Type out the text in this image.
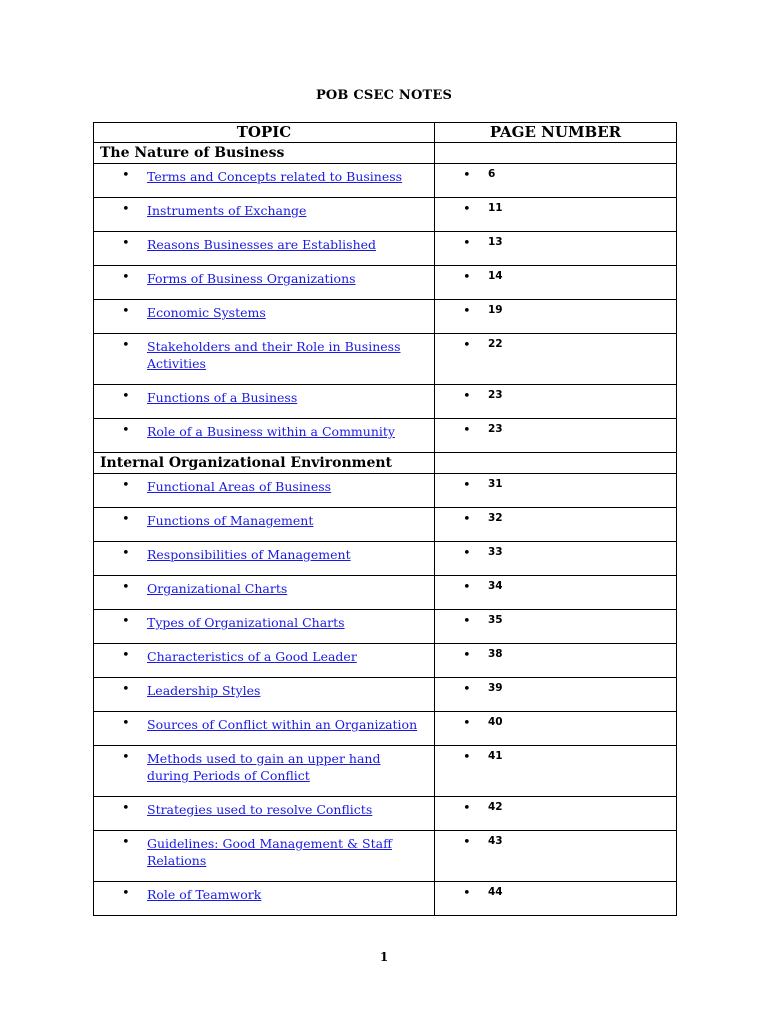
POB CSEC NOTES
TOPIC	PAGE NUMBER

The Nature of Business	

• Terms and Concepts related to Business	• 6

• Instruments of Exchange	• 11

• Reasons Businesses are Established	• 13

• Forms of Business Organizations	• 14

• Economic Systems	• 19

• Stakeholders and their Role in Business Activities	• 22

• Functions of a Business	• 23

• Role of a Business within a Community	• 23

Internal Organizational Environment	

• Functional Areas of Business	• 31

• Functions of Management	• 32

• Responsibilities of Management	• 33

• Organizational Charts	• 34

• Types of Organizational Charts	• 35

• Characteristics of a Good Leader	• 38

• Leadership Styles	• 39

• Sources of Conflict within an Organization	• 40

• Methods used to gain an upper hand during Periods of Conflict	• 41

• Strategies used to resolve Conflicts	• 42

• Guidelines: Good Management & Staff Relations	• 43

• Role of Teamwork	• 44
1
